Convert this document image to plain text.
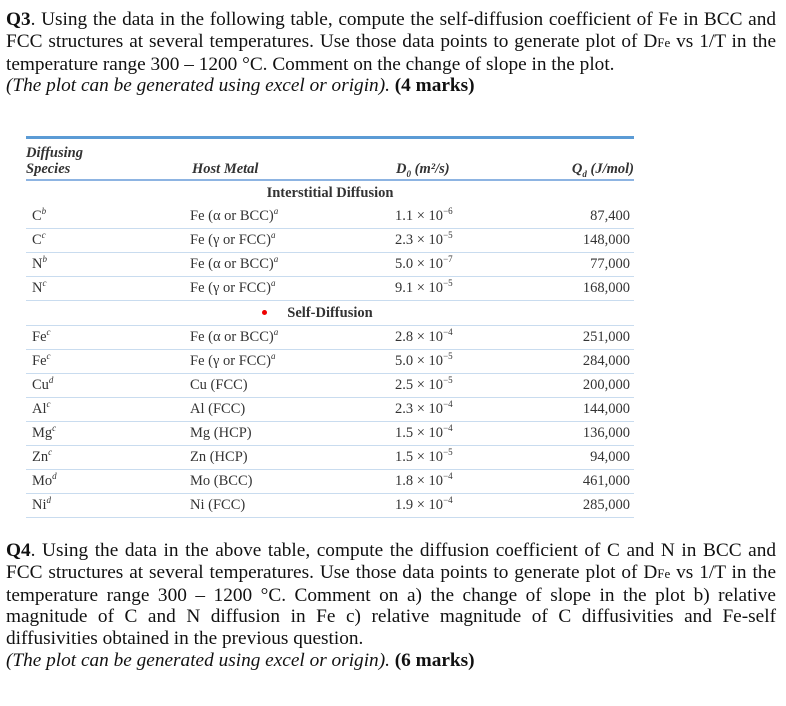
Q3. Using the data in the following table, compute the self-diffusion coefficient of Fe in BCC and FCC structures at several temperatures. Use those data points to generate plot of DFe vs 1/T in the temperature range 300 – 1200 °C. Comment on the change of slope in the plot.

(The plot can be generated using excel or origin). (4 marks)

Diffusing
Species	Host Metal	$D_0$ (m²/s)	$Q_d$ (J/mol)
Interstitial Diffusion
$C^b$	Fe (α or BCC)$^a$	$1.1 \times 10^{-6}$	87,400
$C^c$	Fe (γ or FCC)$^a$	$2.3 \times 10^{-5}$	148,000
$N^b$	Fe (α or BCC)$^a$	$5.0 \times 10^{-7}$	77,000
$N^c$	Fe (γ or FCC)$^a$	$9.1 \times 10^{-5}$	168,000
Self-Diffusion
Fe$^c$	Fe (α or BCC)$^a$	$2.8 \times 10^{-4}$	251,000
Fe$^c$	Fe (γ or FCC)$^a$	$5.0 \times 10^{-5}$	284,000
Cu$^d$	Cu (FCC)	$2.5 \times 10^{-5}$	200,000
Al$^c$	Al (FCC)	$2.3 \times 10^{-4}$	144,000
Mg$^c$	Mg (HCP)	$1.5 \times 10^{-4}$	136,000
Zn$^c$	Zn (HCP)	$1.5 \times 10^{-5}$	94,000
Mo$^d$	Mo (BCC)	$1.8 \times 10^{-4}$	461,000
Ni$^d$	Ni (FCC)	$1.9 \times 10^{-4}$	285,000

Q4. Using the data in the above table, compute the diffusion coefficient of C and N in BCC and FCC structures at several temperatures. Use those data points to generate plot of DFe vs 1/T in the temperature range 300 – 1200 °C. Comment on a) the change of slope in the plot b) relative magnitude of C and N diffusion in Fe c) relative magnitude of C diffusivities and Fe-self diffusivities obtained in the previous question.

(The plot can be generated using excel or origin). (6 marks)
